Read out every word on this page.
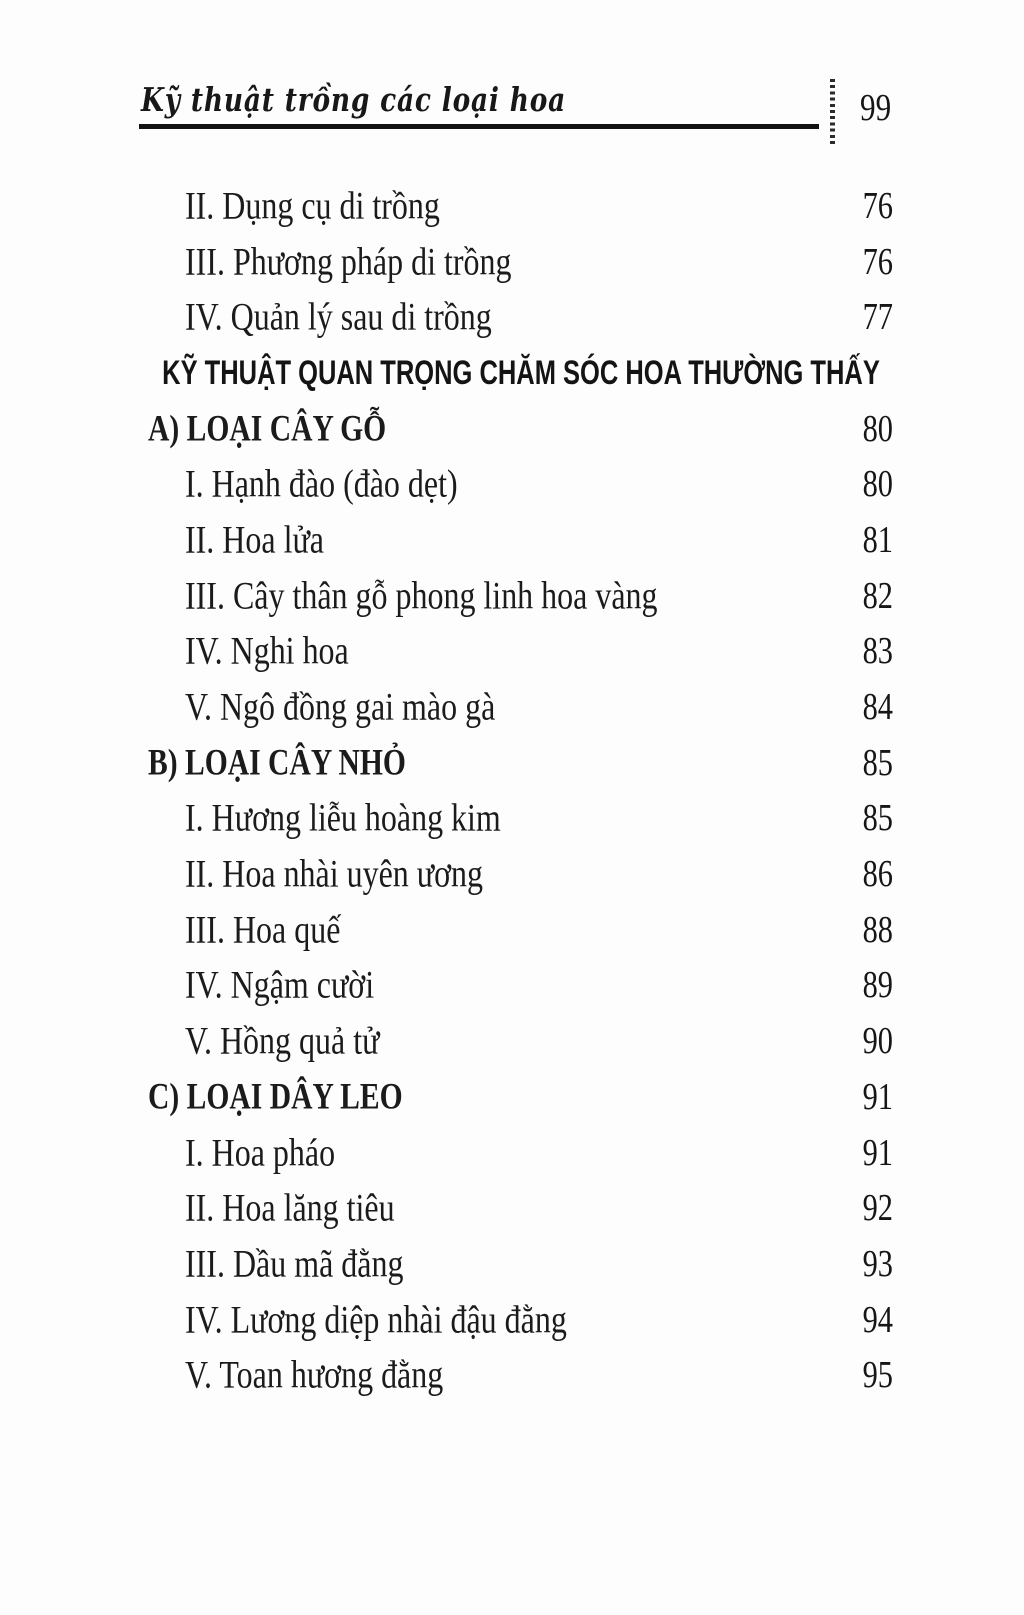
Kỹ thuật trồng các loại hoa	99
II. Dụng cụ di trồng	76
III. Phương pháp di trồng	76
IV. Quản lý sau di trồng	77
KỸ THUẬT QUAN TRỌNG CHĂM SÓC HOA THƯỜNG THẤY
A) LOẠI CÂY GỖ	80
I. Hạnh đào (đào dẹt)	80
II. Hoa lửa	81
III. Cây thân gỗ phong linh hoa vàng	82
IV. Nghi hoa	83
V. Ngô đồng gai mào gà	84
B) LOẠI CÂY NHỎ	85
I. Hương liễu hoàng kim	85
II. Hoa nhài uyên ương	86
III. Hoa quế	88
IV. Ngậm cười	89
V. Hồng quả tử	90
C) LOẠI DÂY LEO	91
I. Hoa pháo	91
II. Hoa lăng tiêu	92
III. Dầu mã đằng	93
IV. Lương diệp nhài đậu đằng	94
V. Toan hương đằng	95
